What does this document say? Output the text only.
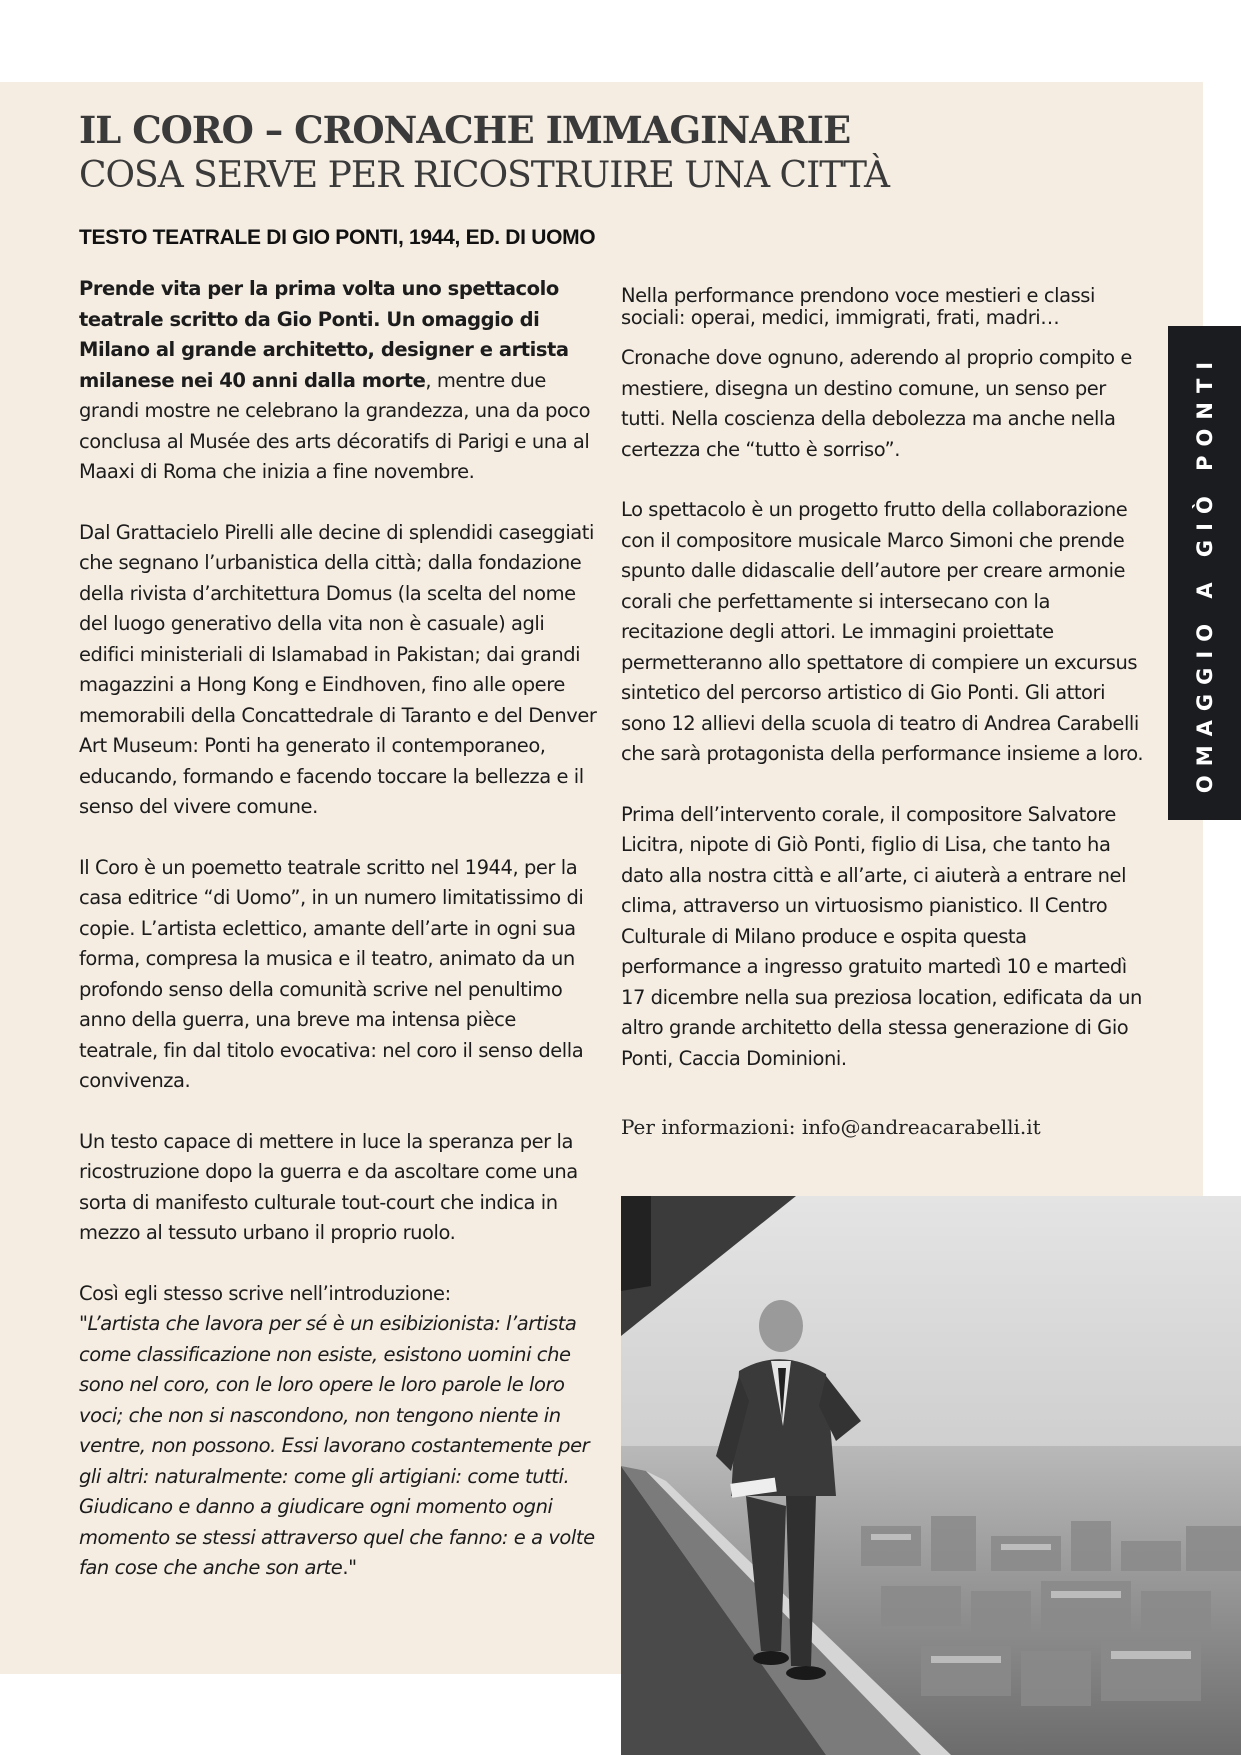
IL CORO – CRONACHE IMMAGINARIE
COSA SERVE PER RICOSTRUIRE UNA CITTÀ
TESTO TEATRALE DI GIO PONTI, 1944, ED. DI UOMO

Prende vita per la prima volta uno spettacolo teatrale scritto da Gio Ponti. Un omaggio di Milano al grande architetto, designer e artista milanese nei 40 anni dalla morte, mentre due grandi mostre ne celebrano la grandezza, una da poco conclusa al Musée des arts décoratifs di Parigi e una al Maaxi di Roma che inizia a fine novembre.

Dal Grattacielo Pirelli alle decine di splendidi caseggiati che segnano l’urbanistica della città; dalla fondazione della rivista d’architettura Domus (la scelta del nome del luogo generativo della vita non è casuale) agli edifici ministeriali di Islamabad in Pakistan; dai grandi magazzini a Hong Kong e Eindhoven, fino alle opere memorabili della Concattedrale di Taranto e del Denver Art Museum: Ponti ha generato il contemporaneo, educando, formando e facendo toccare la bellezza e il senso del vivere comune.

Il Coro è un poemetto teatrale scritto nel 1944, per la casa editrice “di Uomo”, in un numero limitatissimo di copie. L’artista eclettico, amante dell’arte in ogni sua forma, compresa la musica e il teatro, animato da un profondo senso della comunità scrive nel penultimo anno della guerra, una breve ma intensa pièce teatrale, fin dal titolo evocativa: nel coro il senso della convivenza.

Un testo capace di mettere in luce la speranza per la ricostruzione dopo la guerra e da ascoltare come una sorta di manifesto culturale tout-court che indica in mezzo al tessuto urbano il proprio ruolo.

Così egli stesso scrive nell’introduzione:
"L’artista che lavora per sé è un esibizionista: l’artista come classificazione non esiste, esistono uomini che sono nel coro, con le loro opere le loro parole le loro voci; che non si nascondono, non tengono niente in ventre, non possono. Essi lavorano costantemente per gli altri: naturalmente: come gli artigiani: come tutti. Giudicano e danno a giudicare ogni momento ogni momento se stessi attraverso quel che fanno: e a volte fan cose che anche son arte."

Nella performance prendono voce mestieri e classi sociali: operai, medici, immigrati, frati, madri…

Cronache dove ognuno, aderendo al proprio compito e mestiere, disegna un destino comune, un senso per tutti. Nella coscienza della debolezza ma anche nella certezza che “tutto è sorriso”.

Lo spettacolo è un progetto frutto della collaborazione con il compositore musicale Marco Simoni che prende spunto dalle didascalie dell’autore per creare armonie corali che perfettamente si intersecano con la recitazione degli attori. Le immagini proiettate permetteranno allo spettatore di compiere un excursus sintetico del percorso artistico di Gio Ponti. Gli attori sono 12 allievi della scuola di teatro di Andrea Carabelli che sarà protagonista della performance insieme a loro.

Prima dell’intervento corale, il compositore Salvatore Licitra, nipote di Giò Ponti, figlio di Lisa, che tanto ha dato alla nostra città e all’arte, ci aiuterà a entrare nel clima, attraverso un virtuosismo pianistico. Il Centro Culturale di Milano produce e ospita questa performance a ingresso gratuito martedì 10 e martedì 17 dicembre nella sua preziosa location, edificata da un altro grande architetto della stessa generazione di Gio Ponti, Caccia Dominioni.

Per informazioni: info@andreacarabelli.it
OMAGGIO A GIÒ PONTI
